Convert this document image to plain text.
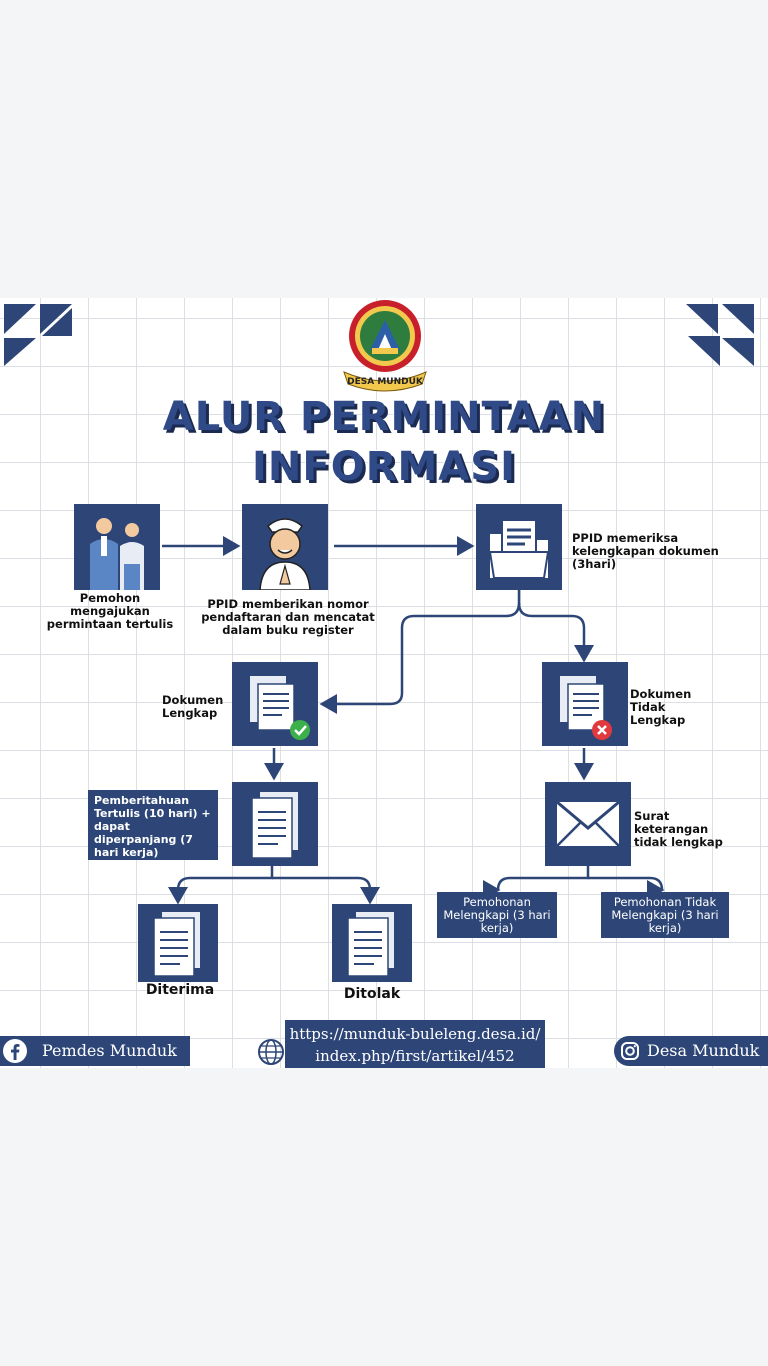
DESA MUNDUK
ALUR PERMINTAAN
INFORMASI
Pemohon mengajukan permintaan tertulis
PPID memberikan nomor pendaftaran dan mencatat dalam buku register
PPID memeriksa kelengkapan dokumen (3hari)
Dokumen Lengkap
Dokumen Tidak Lengkap
Pemberitahuan Tertulis (10 hari) + dapat diperpanjang (7 hari kerja)
Surat keterangan tidak lengkap
Diterima	Ditolak
Pemohonan Melengkapi (3 hari kerja)
Pemohonan Tidak Melengkapi (3 hari kerja)
Pemdes Munduk
https://munduk-buleleng.desa.id/
index.php/first/artikel/452	Desa Munduk
